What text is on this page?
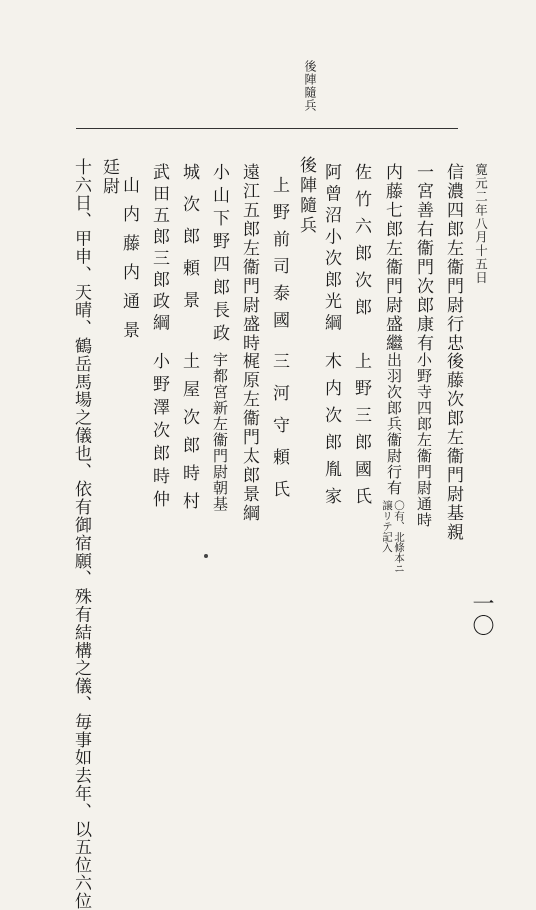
後陣隨兵
一〇
寛元二年八月十五日
信濃四郎左衞門尉行忠
後藤次郎左衞門尉基親
一宮善右衞門次郎康有
小野寺四郎左衞門尉通時
内藤七郎左衞門尉盛繼
出羽次郎兵衞尉行有
〇有、北條本ニ
譲リテ記入
佐竹六郎次郎
上野三郎國氏
阿曾沼小次郎光綱
木内次郎胤家
後陣隨兵
上野前司泰國
三河守頼氏
遠江五郎左衞門尉盛時
梶原左衞門太郎景綱
小山下野四郎長政
宇都宮新左衞門尉朝基
城次郎頼景
土屋次郎時村
武田五郎三郎政綱
小野澤次郎時仲
山内藤内通景
廷尉
十六日、甲申、天晴、鶴岳馬場之儀也、依有御宿願、殊有結構之儀、毎事如去年、以五位六位
